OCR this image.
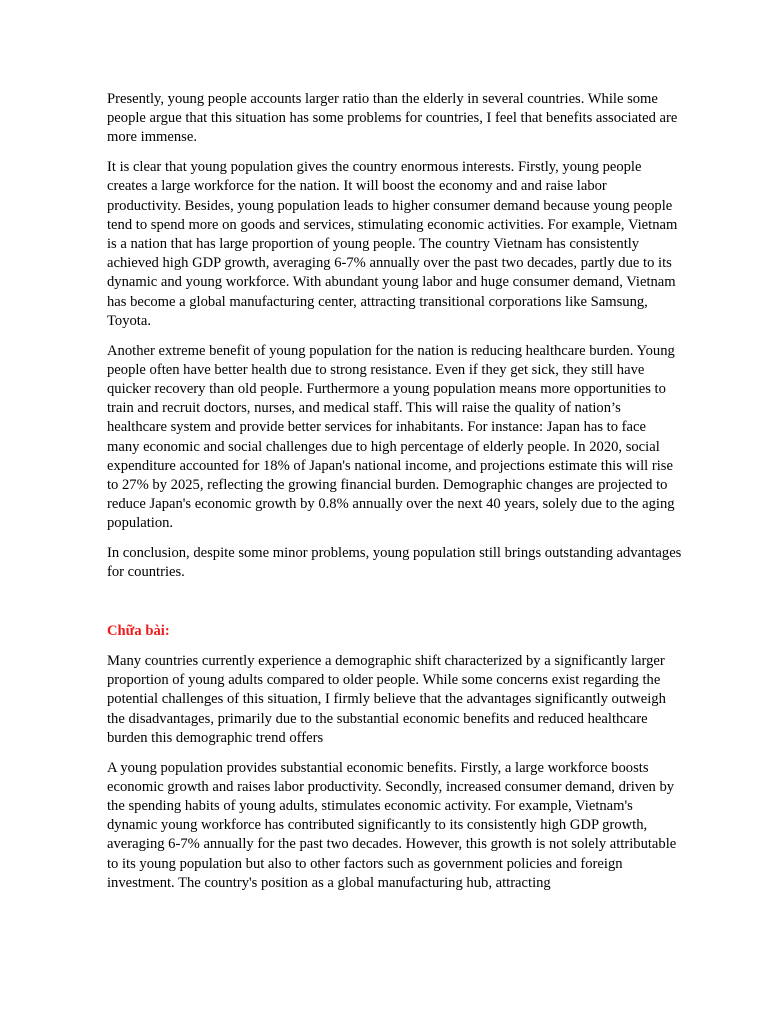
Presently, young people accounts larger ratio than the elderly in several countries. While some people argue that this situation has some problems for countries, I feel that benefits associated are more immense.

It is clear that young population gives the country enormous interests. Firstly, young people creates a large workforce for the nation. It will boost the economy and and raise labor productivity. Besides, young population leads to higher consumer demand because young people tend to spend more on goods and services, stimulating economic activities. For example, Vietnam is a nation that has large proportion of young people. The country Vietnam has consistently achieved high GDP growth, averaging 6-7% annually over the past two decades, partly due to its dynamic and young workforce. With abundant young labor and huge consumer demand, Vietnam has become a global manufacturing center, attracting transitional corporations like Samsung, Toyota.

Another extreme benefit of young population for the nation is reducing healthcare burden. Young people often have better health due to strong resistance. Even if they get sick, they still have quicker recovery than old people. Furthermore a young population means more opportunities to train and recruit doctors, nurses, and medical staff. This will raise the quality of nation’s healthcare system and provide better services for inhabitants. For instance: Japan has to face many economic and social challenges due to high percentage of elderly people. In 2020, social expenditure accounted for 18% of Japan's national income, and projections estimate this will rise to 27% by 2025, reflecting the growing financial burden. Demographic changes are projected to reduce Japan's economic growth by 0.8% annually over the next 40 years, solely due to the aging population.

In conclusion, despite some minor problems, young population still brings outstanding advantages for countries.

Chữa bài:

Many countries currently experience a demographic shift characterized by a significantly larger proportion of young adults compared to older people. While some concerns exist regarding the potential challenges of this situation, I firmly believe that the advantages significantly outweigh the disadvantages, primarily due to the substantial economic benefits and reduced healthcare burden this demographic trend offers

A young population provides substantial economic benefits. Firstly, a large workforce boosts economic growth and raises labor productivity. Secondly, increased consumer demand, driven by the spending habits of young adults, stimulates economic activity. For example, Vietnam's dynamic young workforce has contributed significantly to its consistently high GDP growth, averaging 6-7% annually for the past two decades. However, this growth is not solely attributable to its young population but also to other factors such as government policies and foreign investment. The country's position as a global manufacturing hub, attracting
